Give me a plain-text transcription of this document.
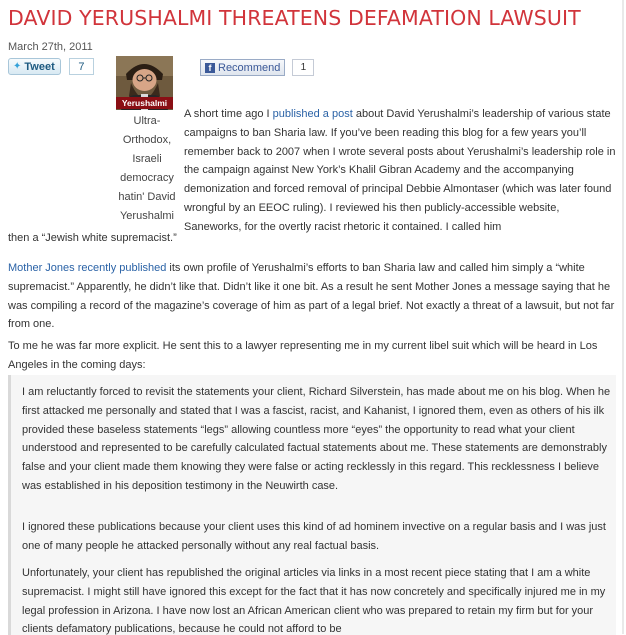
DAVID YERUSHALMI THREATENS DEFAMATION LAWSUIT
March 27th, 2011
✦ Tweet	7
Yerushalmi
f Recommend	1
Ultra-Orthodox, Israeli democracy hatin' David Yerushalmi

A short time ago I published a post about David Yerushalmi’s leadership of various state campaigns to ban Sharia law. If you’ve been reading this blog for a few years you’ll remember back to 2007 when I wrote several posts about Yerushalmi’s leadership role in the campaign against New York’s Khalil Gibran Academy and the accompanying demonization and forced removal of principal Debbie Almontaser (which was later found wrongful by an EEOC ruling). I reviewed his then publicly-accessible website, Saneworks, for the overtly racist rhetoric it contained. I called him

then a “Jewish white supremacist.”

Mother Jones recently published its own profile of Yerushalmi’s efforts to ban Sharia law and called him simply a “white supremacist.” Apparently, he didn’t like that. Didn’t like it one bit. As a result he sent Mother Jones a message saying that he was compiling a record of the magazine’s coverage of him as part of a legal brief. Not exactly a threat of a lawsuit, but not far from one.

To me he was far more explicit. He sent this to a lawyer representing me in my current libel suit which will be heard in Los Angeles in the coming days:

I am reluctantly forced to revisit the statements your client, Richard Silverstein, has made about me on his blog. When he first attacked me personally and stated that I was a fascist, racist, and Kahanist, I ignored them, even as others of his ilk provided these baseless statements “legs” allowing countless more “eyes” the opportunity to read what your client understood and represented to be carefully calculated factual statements about me. These statements are demonstrably false and your client made them knowing they were false or acting recklessly in this regard. This recklessness I believe was established in his deposition testimony in the Neuwirth case.

I ignored these publications because your client uses this kind of ad hominem invective on a regular basis and I was just one of many people he attacked personally without any real factual basis.

Unfortunately, your client has republished the original articles via links in a most recent piece stating that I am a white supremacist. I might still have ignored this except for the fact that it has now concretely and specifically injured me in my legal profession in Arizona. I have now lost an African American client who was prepared to retain my firm but for your clients defamatory publications, because he could not afford to be
